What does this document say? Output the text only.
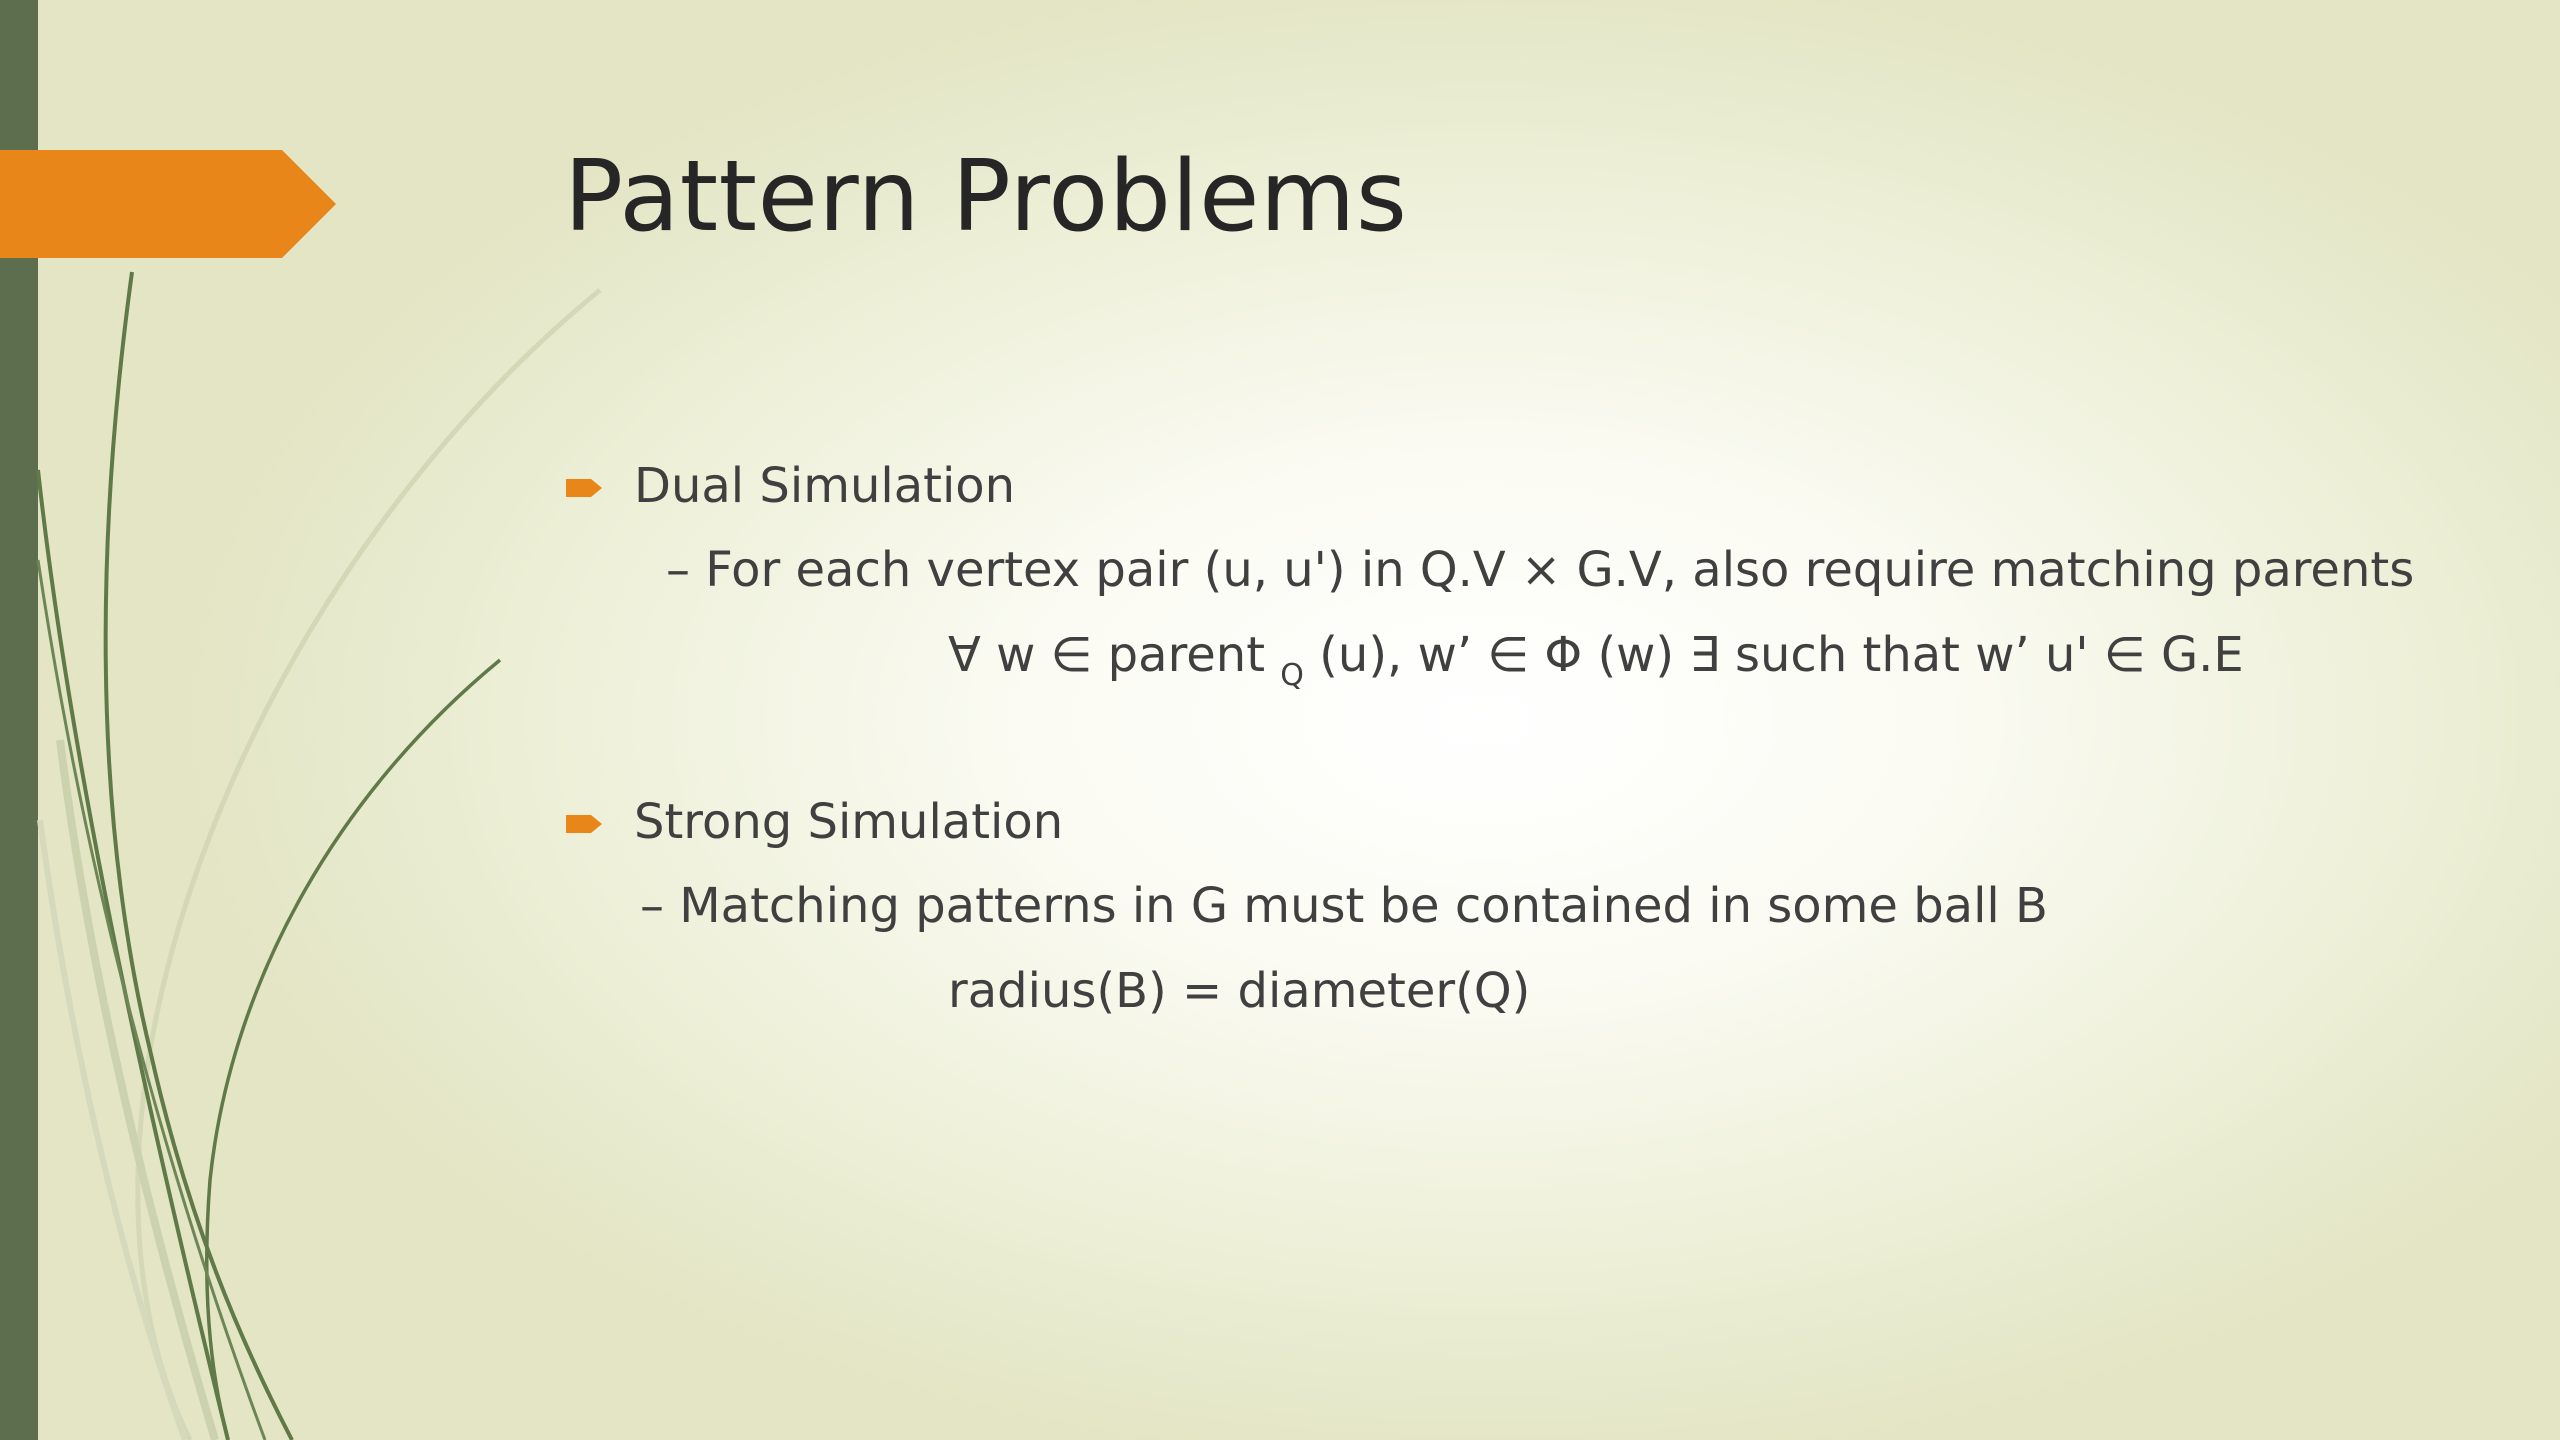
Pattern Problems
Dual Simulation
– For each vertex pair (u, u') in Q.V × G.V, also require matching parents
∀ w ∈ parent $_Q$ (u), w’ ∈ Φ (w) ∃ such that w’ u' ∈ G.E
Strong Simulation
– Matching patterns in G must be contained in some ball B
radius(B) = diameter(Q)
